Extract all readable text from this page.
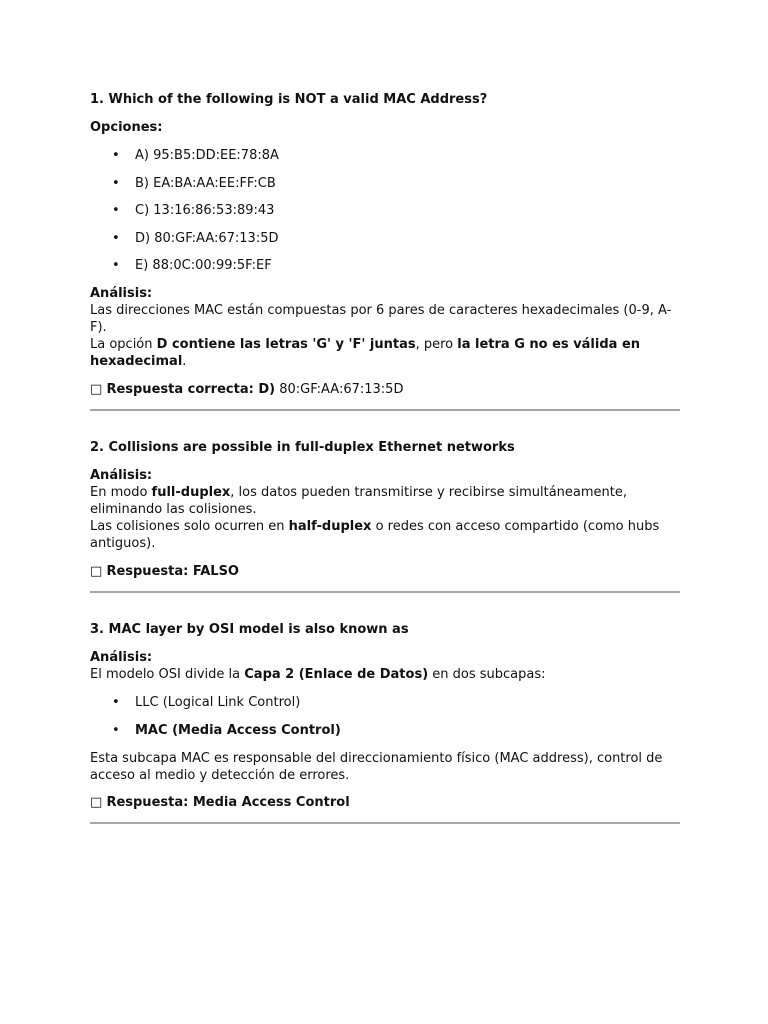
1. Which of the following is NOT a valid MAC Address?

Opciones:

• A) 95:B5:DD:EE:78:8A
• B) EA:BA:AA:EE:FF:CB
• C) 13:16:86:53:89:43
• D) 80:GF:AA:67:13:5D
• E) 88:0C:00:99:5F:EF

Análisis:

Las direcciones MAC están compuestas por 6 pares de caracteres hexadecimales (0-9, A-F).

La opción D contiene las letras 'G' y 'F' juntas, pero la letra G no es válida en hexadecimal.

□ Respuesta correcta: D) 80:GF:AA:67:13:5D

2. Collisions are possible in full-duplex Ethernet networks

Análisis:

En modo full-duplex, los datos pueden transmitirse y recibirse simultáneamente, eliminando las colisiones.

Las colisiones solo ocurren en half-duplex o redes con acceso compartido (como hubs antiguos).

□ Respuesta: FALSO

3. MAC layer by OSI model is also known as

Análisis:

El modelo OSI divide la Capa 2 (Enlace de Datos) en dos subcapas:

• LLC (Logical Link Control)
• MAC (Media Access Control)

Esta subcapa MAC es responsable del direccionamiento físico (MAC address), control de acceso al medio y detección de errores.

□ Respuesta: Media Access Control
